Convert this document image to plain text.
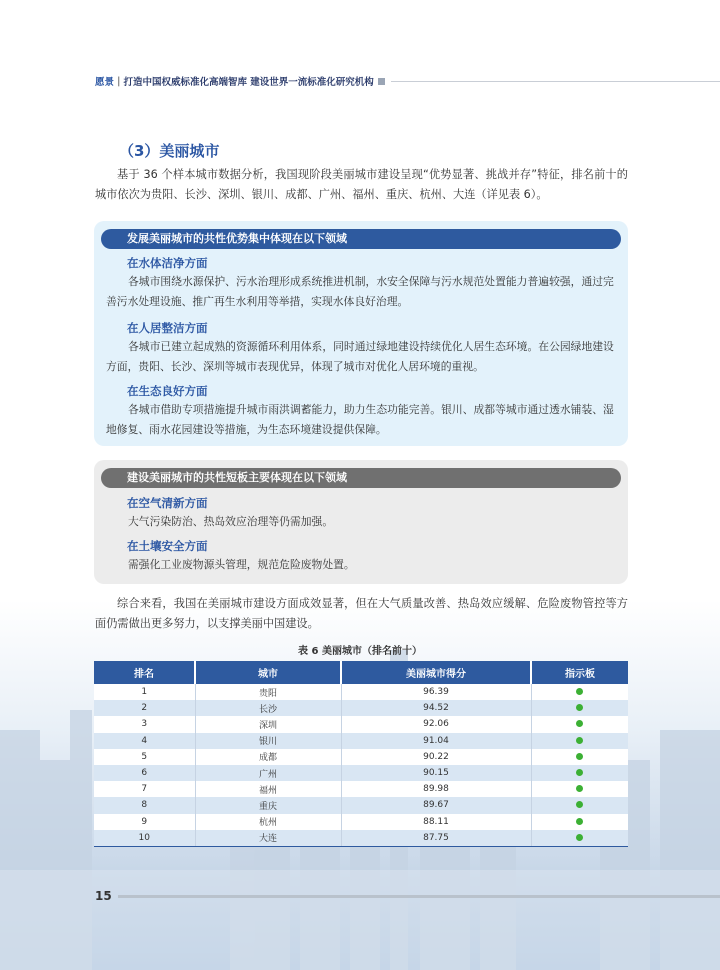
愿景 | 打造中国权威标准化高端智库 建设世界一流标准化研究机构
（3）美丽城市
基于 36 个样本城市数据分析，我国现阶段美丽城市建设呈现“优势显著、挑战并存”特征，排名前十的城市依次为贵阳、长沙、深圳、银川、成都、广州、福州、重庆、杭州、大连（详见表 6）。
发展美丽城市的共性优势集中体现在以下领域
在水体洁净方面
各城市围绕水源保护、污水治理形成系统推进机制，水安全保障与污水规范处置能力普遍较强，通过完善污水处理设施、推广再生水利用等举措，实现水体良好治理。
在人居整洁方面
各城市已建立起成熟的资源循环利用体系，同时通过绿地建设持续优化人居生态环境。在公园绿地建设方面，贵阳、长沙、深圳等城市表现优异，体现了城市对优化人居环境的重视。
在生态良好方面
各城市借助专项措施提升城市雨洪调蓄能力，助力生态功能完善。银川、成都等城市通过透水铺装、湿地修复、雨水花园建设等措施，为生态环境建设提供保障。
建设美丽城市的共性短板主要体现在以下领域
在空气清新方面
大气污染防治、热岛效应治理等仍需加强。
在土壤安全方面
需强化工业废物源头管理，规范危险废物处置。
综合来看，我国在美丽城市建设方面成效显著，但在大气质量改善、热岛效应缓解、危险废物管控等方面仍需做出更多努力，以支撑美丽中国建设。
表 6 美丽城市（排名前十）
排名	城市	美丽城市得分	指示板
1	贵阳	96.39	
2	长沙	94.52	
3	深圳	92.06	
4	银川	91.04	
5	成都	90.22	
6	广州	90.15	
7	福州	89.98	
8	重庆	89.67	
9	杭州	88.11	
10	大连	87.75	
15
